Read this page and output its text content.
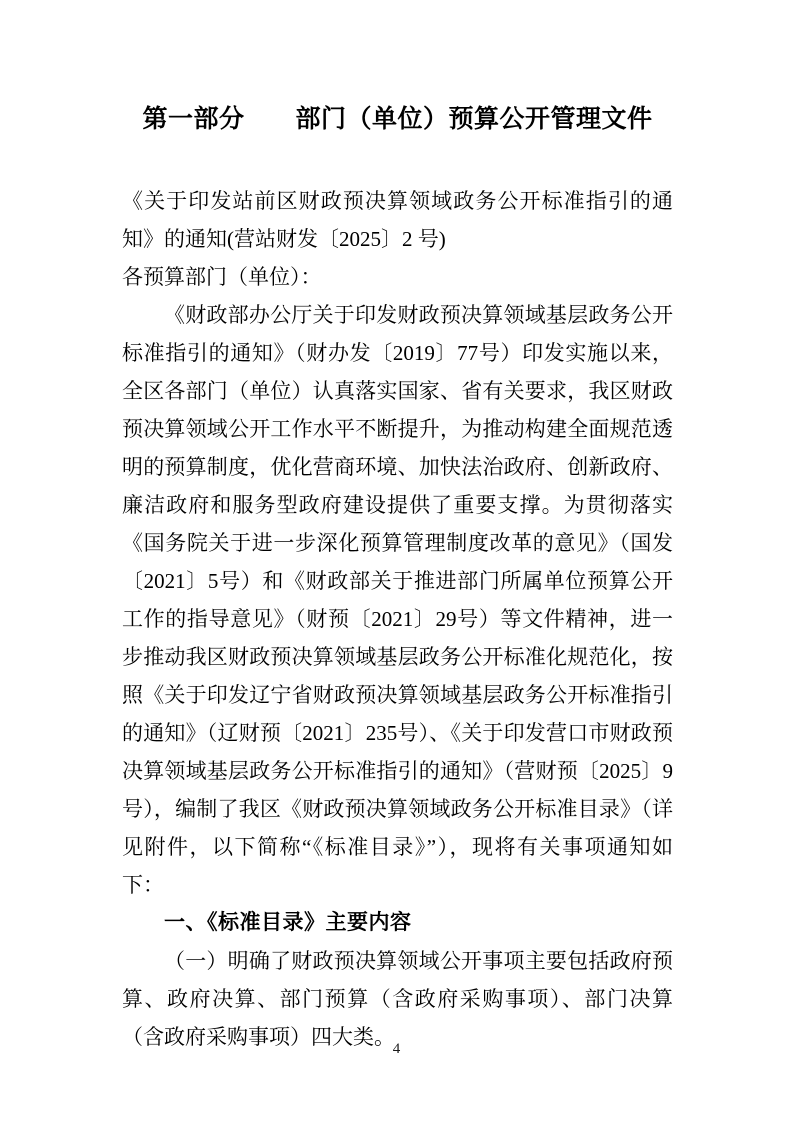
第一部分　　部门（单位）预算公开管理文件
《关于印发站前区财政预决算领域政务公开标准指引的通知》的通知(营站财发〔2025〕2 号)
各预算部门（单位）：
《财政部办公厅关于印发财政预决算领域基层政务公开标准指引的通知》（财办发〔2019〕77号）印发实施以来，全区各部门（单位）认真落实国家、省有关要求，我区财政预决算领域公开工作水平不断提升，为推动构建全面规范透明的预算制度，优化营商环境、加快法治政府、创新政府、廉洁政府和服务型政府建设提供了重要支撑。为贯彻落实《国务院关于进一步深化预算管理制度改革的意见》（国发〔2021〕5号）和《财政部关于推进部门所属单位预算公开工作的指导意见》（财预〔2021〕29号）等文件精神，进一步推动我区财政预决算领域基层政务公开标准化规范化，按照《关于印发辽宁省财政预决算领域基层政务公开标准指引的通知》（辽财预〔2021〕235号）、《关于印发营口市财政预决算领域基层政务公开标准指引的通知》（营财预〔2025〕9号），编制了我区《财政预决算领域政务公开标准目录》（详见附件，以下简称“《标准目录》”），现将有关事项通知如下：
一、《标准目录》主要内容
（一）明确了财政预决算领域公开事项主要包括政府预算、政府决算、部门预算（含政府采购事项）、部门决算（含政府采购事项）四大类。
4
